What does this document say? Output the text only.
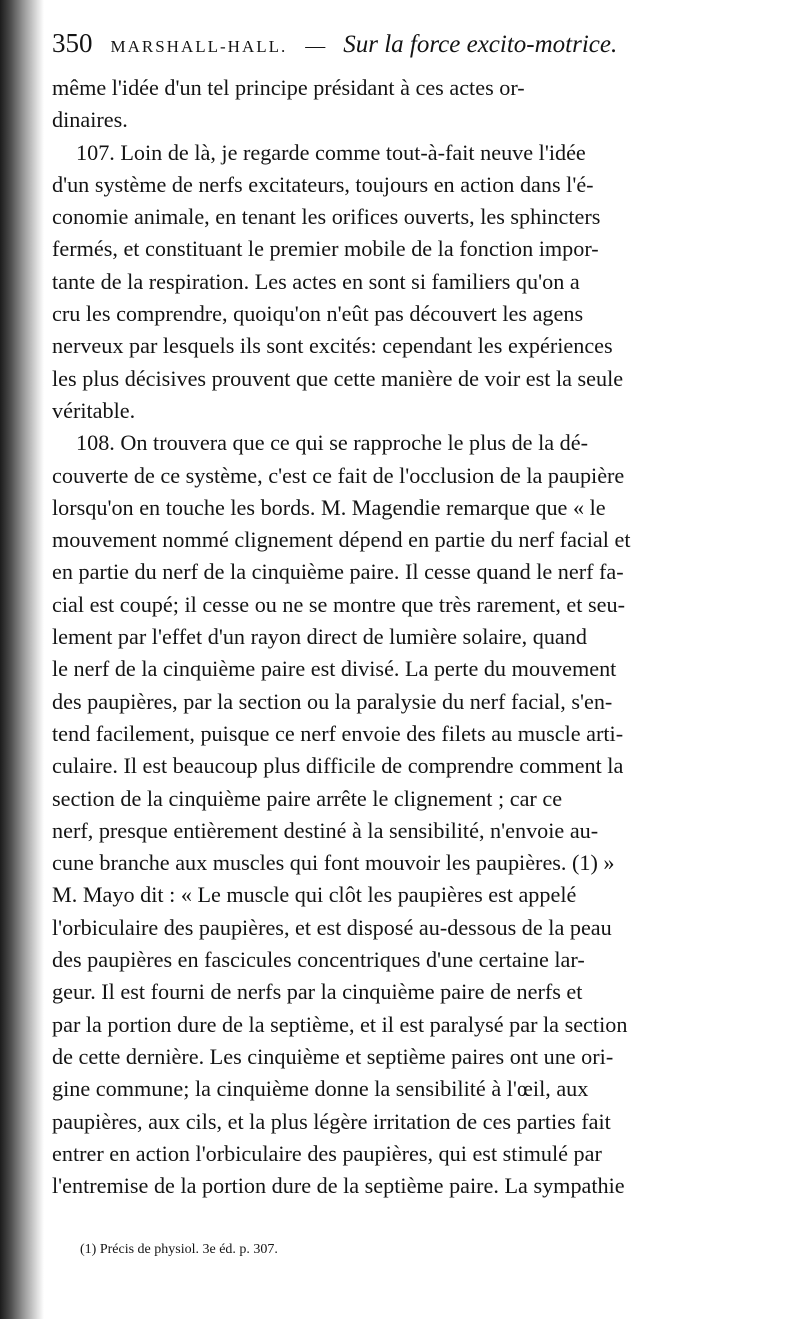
350 MARSHALL-HALL. — Sur la force excito-motrice.
même l'idée d'un tel principe présidant à ces actes or-
dinaires.
107. Loin de là, je regarde comme tout-à-fait neuve l'idée
d'un système de nerfs excitateurs, toujours en action dans l'é-
conomie animale, en tenant les orifices ouverts, les sphincters
fermés, et constituant le premier mobile de la fonction impor-
tante de la respiration. Les actes en sont si familiers qu'on a
cru les comprendre, quoiqu'on n'eût pas découvert les agens
nerveux par lesquels ils sont excités: cependant les expériences
les plus décisives prouvent que cette manière de voir est la seule
véritable.
108. On trouvera que ce qui se rapproche le plus de la dé-
couverte de ce système, c'est ce fait de l'occlusion de la paupière
lorsqu'on en touche les bords. M. Magendie remarque que « le
mouvement nommé clignement dépend en partie du nerf facial et
en partie du nerf de la cinquième paire. Il cesse quand le nerf fa-
cial est coupé; il cesse ou ne se montre que très rarement, et seu-
lement par l'effet d'un rayon direct de lumière solaire, quand
le nerf de la cinquième paire est divisé. La perte du mouvement
des paupières, par la section ou la paralysie du nerf facial, s'en-
tend facilement, puisque ce nerf envoie des filets au muscle arti-
culaire. Il est beaucoup plus difficile de comprendre comment la
section de la cinquième paire arrête le clignement ; car ce
nerf, presque entièrement destiné à la sensibilité, n'envoie au-
cune branche aux muscles qui font mouvoir les paupières. (1) »
M. Mayo dit : « Le muscle qui clôt les paupières est appelé
l'orbiculaire des paupières, et est disposé au-dessous de la peau
des paupières en fascicules concentriques d'une certaine lar-
geur. Il est fourni de nerfs par la cinquième paire de nerfs et
par la portion dure de la septième, et il est paralysé par la section
de cette dernière. Les cinquième et septième paires ont une ori-
gine commune; la cinquième donne la sensibilité à l'œil, aux
paupières, aux cils, et la plus légère irritation de ces parties fait
entrer en action l'orbiculaire des paupières, qui est stimulé par
l'entremise de la portion dure de la septième paire. La sympathie
(1) Précis de physiol. 3e éd. p. 307.
